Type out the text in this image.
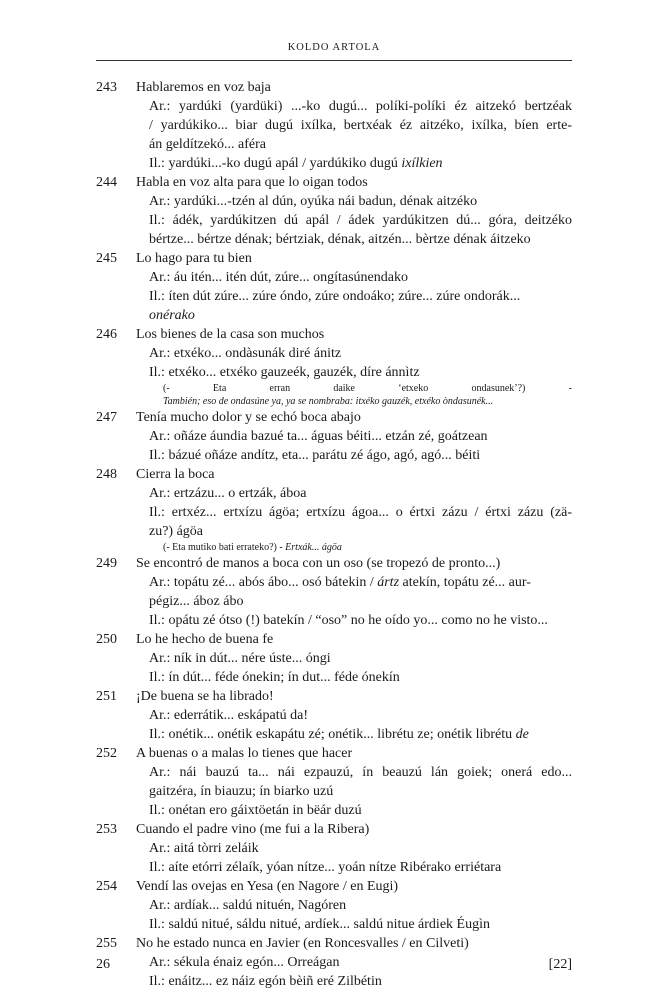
KOLDO ARTOLA
243	Hablaremos en voz baja
Ar.: yardúki (yardüki) ...-ko dugú... políki-políki éz aitzekó bertzéak
/ yardúkiko... biar dugú ixílka, bertxéak éz aitzéko, ixílka, bíen erte-
án geldítzekó... aféra
Il.: yardúki...-ko dugú apál / yardúkiko dugú ixílkien
244	Habla en voz alta para que lo oigan todos
Ar.: yardúki...-tzén al dún, oyúka nái badun, dénak aitzéko
Il.: ádék, yardúkitzen dú apál / ádek yardúkitzen dú... góra, deitzéko
bértze... bértze dénak; bértziak, dénak, aitzén... bèrtze dénak áitzeko
245	Lo hago para tu bien
Ar.: áu itén... itén dút, zúre... ongítasúnendako
Il.: íten dút zúre... zúre óndo, zúre ondoáko; zúre... zúre ondorák...
onérako
246	Los bienes de la casa son muchos
Ar.: etxéko... ondàsunák diré ánitz
Il.: etxéko... etxéko gauzeék, gauzék, díre ánnìtz
(- Eta erran daike ‘etxeko ondasunek’?) -
También; eso de ondasúne ya, ya se nombraba: itxéko gauzék, etxéko òndasunék...
247	Tenía mucho dolor y se echó boca abajo
Ar.: oñáze áundia bazué ta... águas béiti... etzán zé, goátzean
Il.: bázué oñáze andítz, eta... parátu zé ágo, agó, agó... béiti
248	Cierra la boca
Ar.: ertzázu... o ertzák, áboa
Il.: ertxéz... ertxízu ágöa; ertxízu ágoa... o értxi zázu / értxi zázu (zä-
zu?) ágöa
(- Eta mutiko bati errateko?) - Ertxák... ágöa
249	Se encontró de manos a boca con un oso (se tropezó de pronto...)
Ar.: topátu zé... abós ábo... osó bátekin / ártz atekín, topátu zé... aur-
pégiz... áboz ábo
Il.: opátu zé ótso (!) batekín / “oso” no he oído yo... como no he visto...
250	Lo he hecho de buena fe
Ar.: ník in dút... nére úste... óngi
Il.: ín dút... féde ónekin; ín dut... féde ónekín
251	¡De buena se ha librado!
Ar.: ederrátik... eskápatú da!
Il.: onétik... onétik eskapátu zé; onétik... librétu ze; onétik librétu de
252	A buenas o a malas lo tienes que hacer
Ar.: nái bauzú ta... nái ezpauzú, ín beauzú lán goiek; onerá edo...
gaitzéra, ín biauzu; ín biarko uzú
Il.: onétan ero gáixtöetán in bëár duzú
253	Cuando el padre vino (me fui a la Ribera)
Ar.: aitá tòrri zeláik
Il.: aíte etórri zélaík, yóan nítze... yoán nítze Ribérako erriétara
254	Vendí las ovejas en Yesa (en Nagore / en Eugi)
Ar.: ardíak... saldú nituén, Nagóren
Il.: saldú nitué, sáldu nitué, ardíek... saldú nitue árdiek Éugìn
255	No he estado nunca en Javier (en Roncesvalles / en Cilveti)
Ar.: sékula énaiz egón... Orreágan
Il.: enáitz... ez náiz egón bèiñ eré Zilbétin
26	[22]
